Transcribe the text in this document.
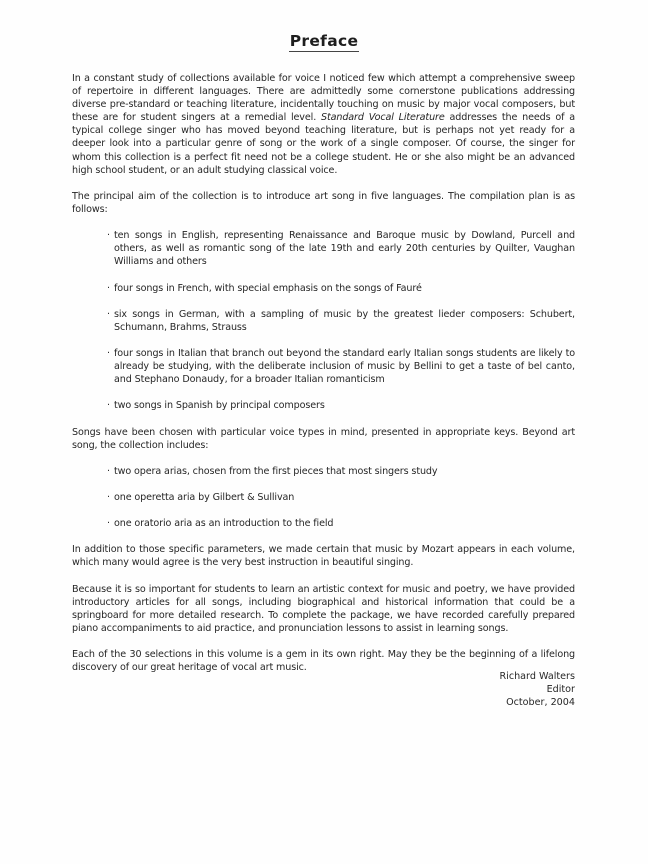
Preface

In a constant study of collections available for voice I noticed few which attempt a comprehensive sweep of repertoire in different languages. There are admittedly some cornerstone publications addressing diverse pre-standard or teaching literature, incidentally touching on music by major vocal composers, but these are for student singers at a remedial level. Standard Vocal Literature addresses the needs of a typical college singer who has moved beyond teaching literature, but is perhaps not yet ready for a deeper look into a particular genre of song or the work of a single composer. Of course, the singer for whom this collection is a perfect fit need not be a college student. He or she also might be an advanced high school student, or an adult studying classical voice.

The principal aim of the collection is to introduce art song in five languages. The compilation plan is as follows:

· ten songs in English, representing Renaissance and Baroque music by Dowland, Purcell and others, as well as romantic song of the late 19th and early 20th centuries by Quilter, Vaughan Williams and others
· four songs in French, with special emphasis on the songs of Fauré
· six songs in German, with a sampling of music by the greatest lieder composers: Schubert, Schumann, Brahms, Strauss
· four songs in Italian that branch out beyond the standard early Italian songs students are likely to already be studying, with the deliberate inclusion of music by Bellini to get a taste of bel canto, and Stephano Donaudy, for a broader Italian romanticism
· two songs in Spanish by principal composers

Songs have been chosen with particular voice types in mind, presented in appropriate keys. Beyond art song, the collection includes:

· two opera arias, chosen from the first pieces that most singers study
· one operetta aria by Gilbert & Sullivan
· one oratorio aria as an introduction to the field

In addition to those specific parameters, we made certain that music by Mozart appears in each volume, which many would agree is the very best instruction in beautiful singing.

Because it is so important for students to learn an artistic context for music and poetry, we have provided introductory articles for all songs, including biographical and historical information that could be a springboard for more detailed research. To complete the package, we have recorded carefully prepared piano accompaniments to aid practice, and pronunciation lessons to assist in learning songs.

Each of the 30 selections in this volume is a gem in its own right. May they be the beginning of a lifelong discovery of our great heritage of vocal art music.

Richard Walters
Editor
October, 2004
